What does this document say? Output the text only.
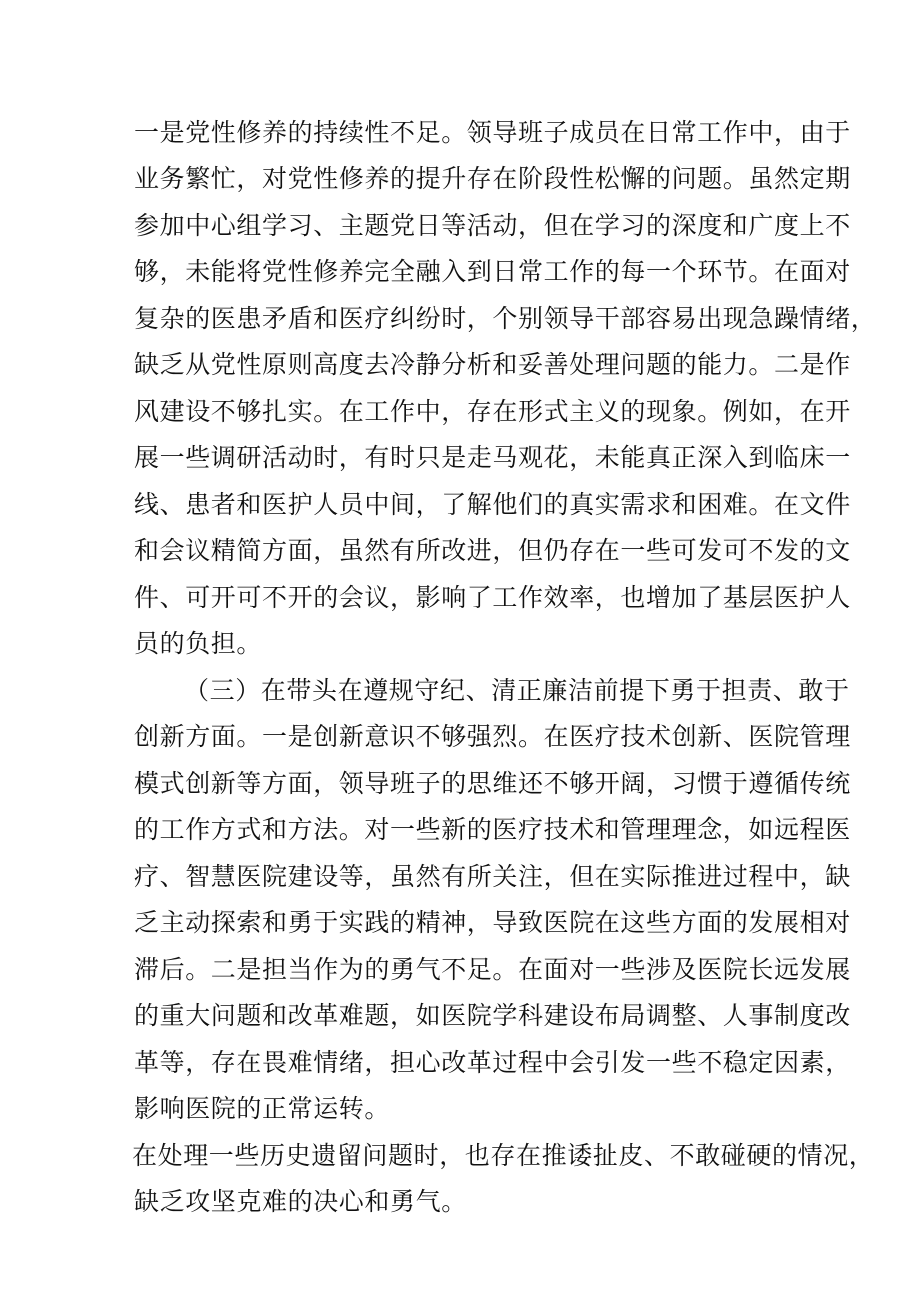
一是党性修养的持续性不足。领导班子成员在日常工作中，由于

业务繁忙，对党性修养的提升存在阶段性松懈的问题。虽然定期

参加中心组学习、主题党日等活动，但在学习的深度和广度上不

够，未能将党性修养完全融入到日常工作的每一个环节。在面对

复杂的医患矛盾和医疗纠纷时，个别领导干部容易出现急躁情绪，

缺乏从党性原则高度去冷静分析和妥善处理问题的能力。二是作

风建设不够扎实。在工作中，存在形式主义的现象。例如，在开

展一些调研活动时，有时只是走马观花，未能真正深入到临床一

线、患者和医护人员中间，了解他们的真实需求和困难。在文件

和会议精简方面，虽然有所改进，但仍存在一些可发可不发的文

件、可开可不开的会议，影响了工作效率，也增加了基层医护人

员的负担。

（三）在带头在遵规守纪、清正廉洁前提下勇于担责、敢于

创新方面。一是创新意识不够强烈。在医疗技术创新、医院管理

模式创新等方面，领导班子的思维还不够开阔，习惯于遵循传统

的工作方式和方法。对一些新的医疗技术和管理理念，如远程医

疗、智慧医院建设等，虽然有所关注，但在实际推进过程中，缺

乏主动探索和勇于实践的精神，导致医院在这些方面的发展相对

滞后。二是担当作为的勇气不足。在面对一些涉及医院长远发展

的重大问题和改革难题，如医院学科建设布局调整、人事制度改

革等，存在畏难情绪，担心改革过程中会引发一些不稳定因素，

影响医院的正常运转。

在处理一些历史遗留问题时，也存在推诿扯皮、不敢碰硬的情况，

缺乏攻坚克难的决心和勇气。
